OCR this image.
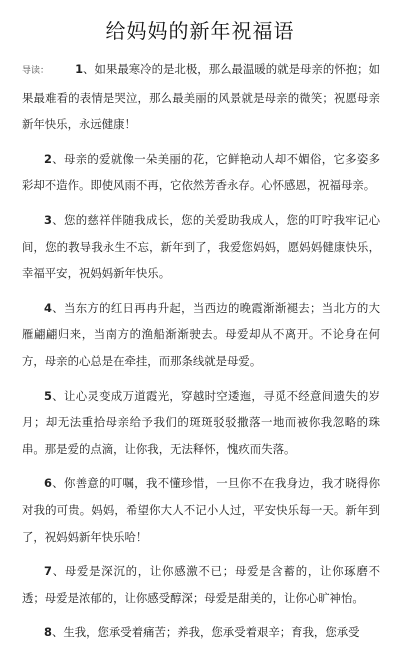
给妈妈的新年祝福语

导读： 1、如果最寒冷的是北极，那么最温暖的就是母亲的怀抱；如果最难看的表情是哭泣，那么最美丽的风景就是母亲的微笑；祝愿母亲新年快乐，永远健康！

2、母亲的爱就像一朵美丽的花，它鲜艳动人却不媚俗，它多姿多彩却不造作。即使风雨不再，它依然芳香永存。心怀感恩，祝福母亲。

3、您的慈祥伴随我成长，您的关爱助我成人，您的叮咛我牢记心间，您的教导我永生不忘，新年到了，我爱您妈妈，愿妈妈健康快乐，幸福平安，祝妈妈新年快乐。

4、当东方的红日再冉升起，当西边的晚霞渐渐褪去；当北方的大雁翩翩归来，当南方的渔船渐渐驶去。母爱却从不离开。不论身在何方，母亲的心总是在牵挂，而那条线就是母爱。

5、让心灵变成万道霞光，穿越时空逶迤，寻觅不经意间遗失的岁月；却无法重拾母亲给予我们的斑斑驳驳撒落一地而被你我忽略的珠串。那是爱的点滴，让你我，无法释怀，愧疚而失落。

6、你善意的叮嘱，我不懂珍惜，一旦你不在我身边，我才晓得你对我的可贵。妈妈，希望你大人不记小人过，平安快乐每一天。新年到了，祝妈妈新年快乐哈！

7、母爱是深沉的，让你感激不已；母爱是含蓄的，让你琢磨不透；母爱是浓郁的，让你感受醇深；母爱是甜美的，让你心旷神怡。

8、生我，您承受着痛苦；养我，您承受着艰辛；育我，您承受
